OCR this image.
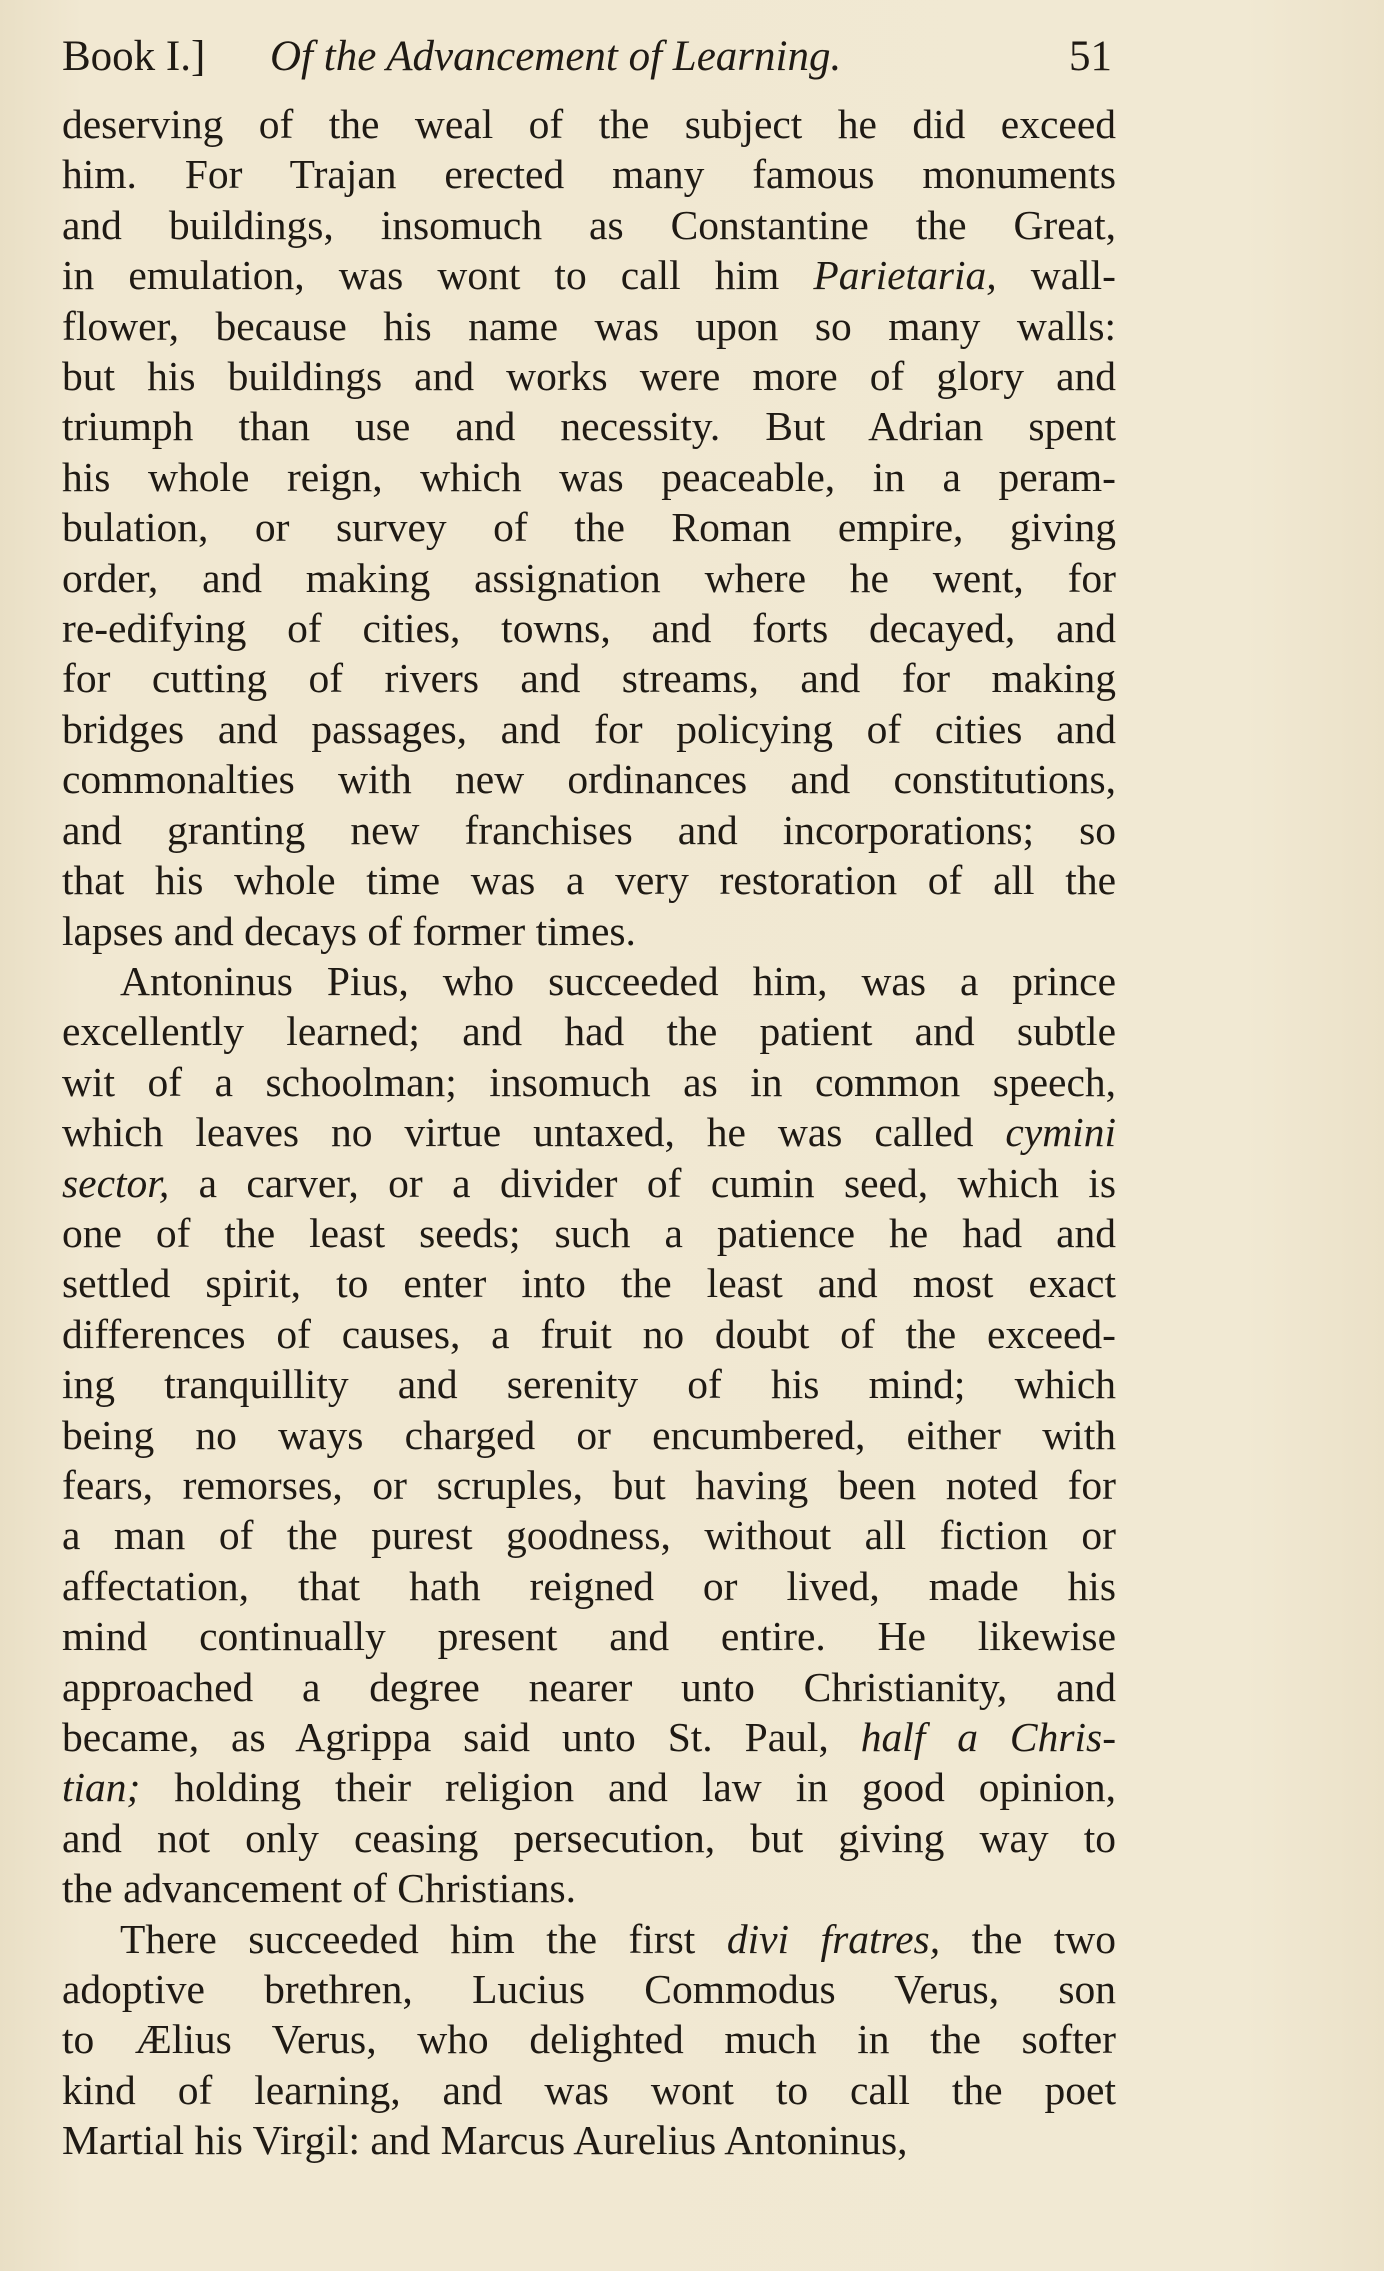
Book I.] Of the Advancement of Learning.	51

deserving of the weal of the subject he did exceed
him. For Trajan erected many famous monuments
and buildings, insomuch as Constantine the Great,
in emulation, was wont to call him Parietaria, wall-
flower, because his name was upon so many walls:
but his buildings and works were more of glory and
triumph than use and necessity. But Adrian spent
his whole reign, which was peaceable, in a peram-
bulation, or survey of the Roman empire, giving
order, and making assignation where he went, for
re-edifying of cities, towns, and forts decayed, and
for cutting of rivers and streams, and for making
bridges and passages, and for policying of cities and
commonalties with new ordinances and constitutions,
and granting new franchises and incorporations; so
that his whole time was a very restoration of all the
lapses and decays of former times.

Antoninus Pius, who succeeded him, was a prince
excellently learned; and had the patient and subtle
wit of a schoolman; insomuch as in common speech,
which leaves no virtue untaxed, he was called cymini
sector, a carver, or a divider of cumin seed, which is
one of the least seeds; such a patience he had and
settled spirit, to enter into the least and most exact
differences of causes, a fruit no doubt of the exceed-
ing tranquillity and serenity of his mind; which
being no ways charged or encumbered, either with
fears, remorses, or scruples, but having been noted for
a man of the purest goodness, without all fiction or
affectation, that hath reigned or lived, made his
mind continually present and entire. He likewise
approached a degree nearer unto Christianity, and
became, as Agrippa said unto St. Paul, half a Chris-
tian; holding their religion and law in good opinion,
and not only ceasing persecution, but giving way to
the advancement of Christians.

There succeeded him the first divi fratres, the two
adoptive brethren, Lucius Commodus Verus, son
to Ælius Verus, who delighted much in the softer
kind of learning, and was wont to call the poet
Martial his Virgil: and Marcus Aurelius Antoninus,
